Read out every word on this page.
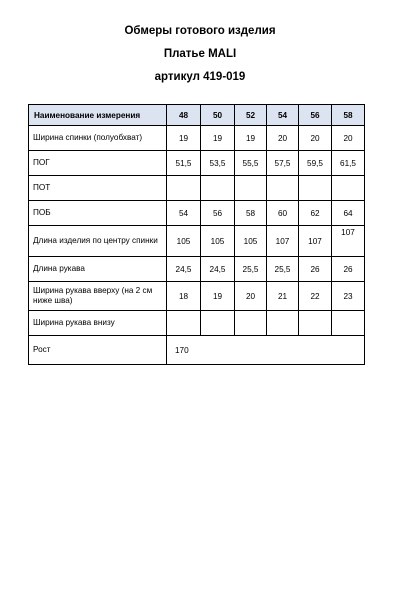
Обмеры готового изделия
Платье MALI
артикул 419-019
Наименование измерения	48	50	52	54	56	58
Ширина спинки (полуобхват)	19	19	19	20	20	20
ПОГ	51,5	53,5	55,5	57,5	59,5	61,5
ПОТ						
ПОБ	54	56	58	60	62	64
Длина изделия по центру спинки	105	105	105	107	107	107
Длина рукава	24,5	24,5	25,5	25,5	26	26
Ширина рукава вверху (на 2 см ниже шва)	18	19	20	21	22	23
Ширина рукава внизу						
Рост	170					
